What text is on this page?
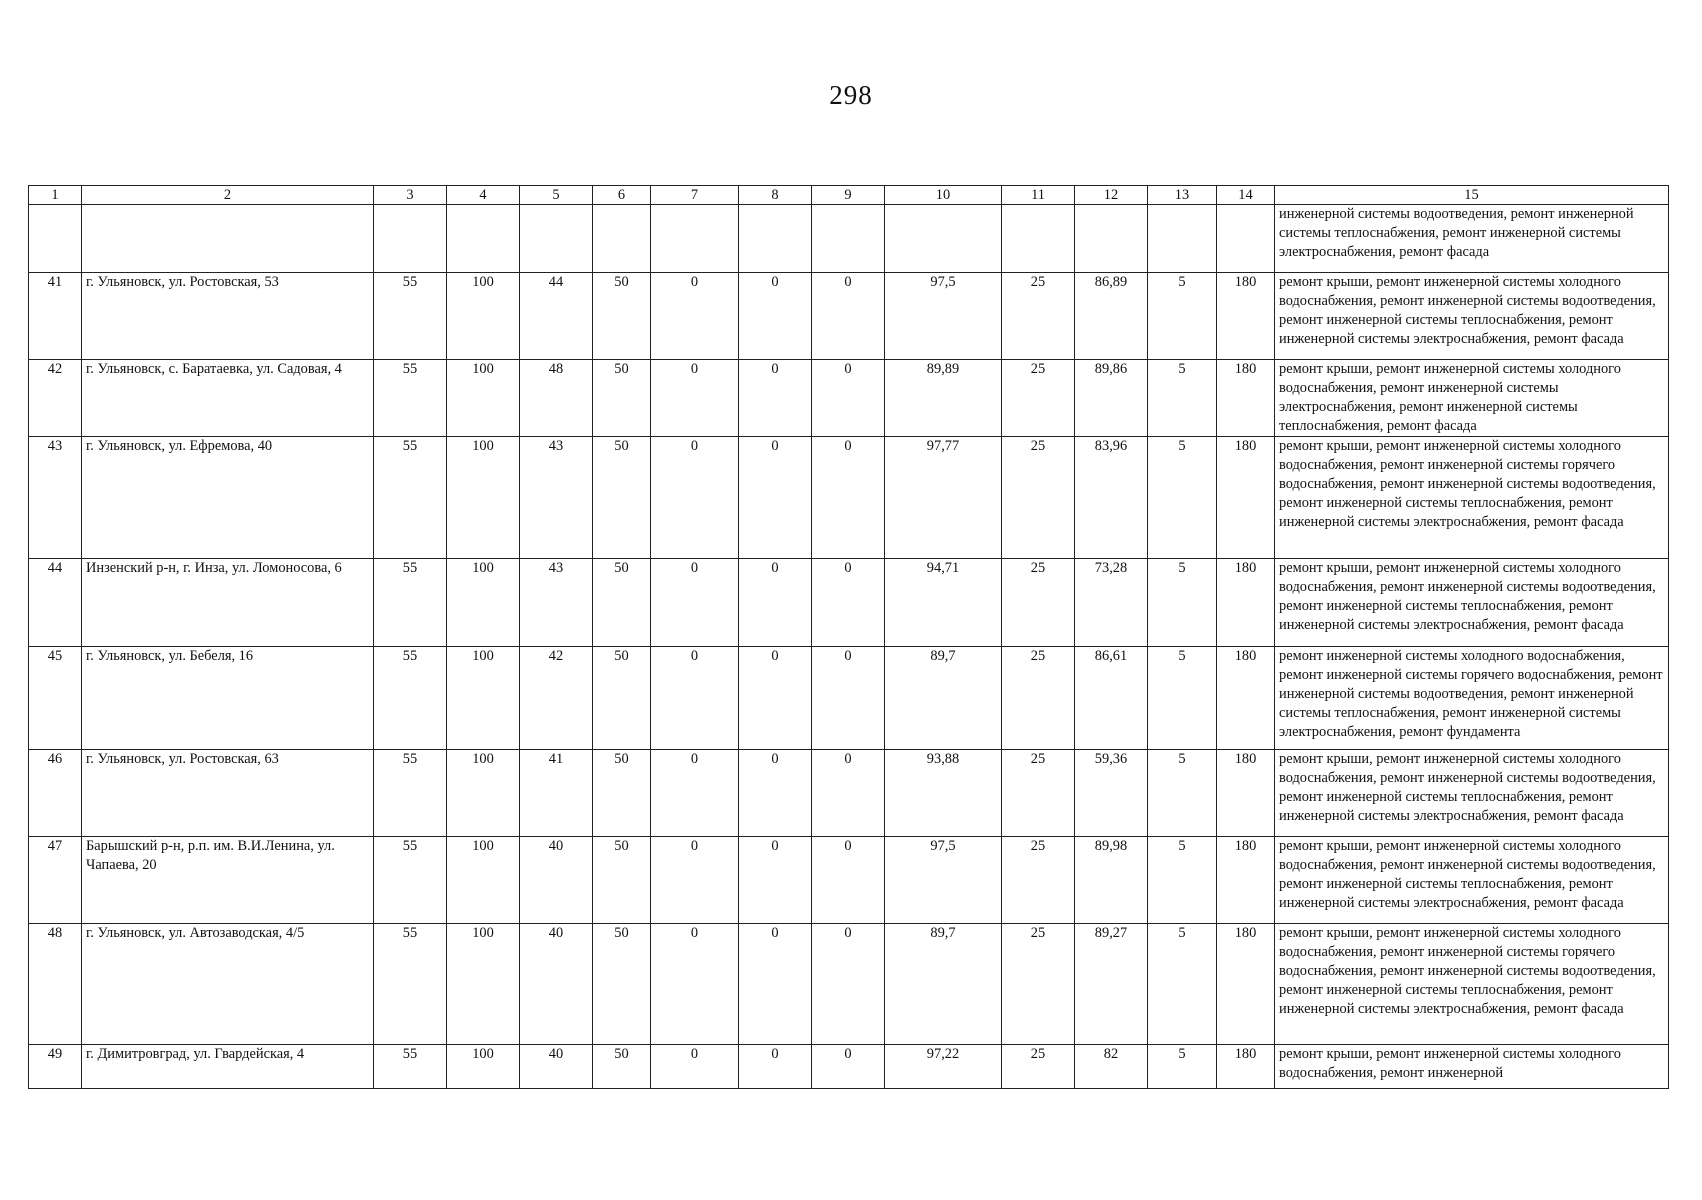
298
1	2	3	4	5	6	7	8	9	10	11	12	13	14	15
														инженерной системы водоотведения, ремонт инженерной системы теплоснабжения, ремонт инженерной системы электроснабжения, ремонт фасада
41	г. Ульяновск, ул. Ростовская, 53	55	100	44	50	0	0	0	97,5	25	86,89	5	180	ремонт крыши, ремонт инженерной системы холодного водоснабжения, ремонт инженерной системы водоотведения, ремонт инженерной системы теплоснабжения, ремонт инженерной системы электроснабжения, ремонт фасада
42	г. Ульяновск, с. Баратаевка, ул. Садовая, 4	55	100	48	50	0	0	0	89,89	25	89,86	5	180	ремонт крыши, ремонт инженерной системы холодного водоснабжения, ремонт инженерной системы электроснабжения, ремонт инженерной системы теплоснабжения, ремонт фасада
43	г. Ульяновск, ул. Ефремова, 40	55	100	43	50	0	0	0	97,77	25	83,96	5	180	ремонт крыши, ремонт инженерной системы холодного водоснабжения, ремонт инженерной системы горячего водоснабжения, ремонт инженерной системы водоотведения, ремонт инженерной системы теплоснабжения, ремонт инженерной системы электроснабжения, ремонт фасада
44	Инзенский р-н, г. Инза, ул. Ломоносова, 6	55	100	43	50	0	0	0	94,71	25	73,28	5	180	ремонт крыши, ремонт инженерной системы холодного водоснабжения, ремонт инженерной системы водоотведения, ремонт инженерной системы теплоснабжения, ремонт инженерной системы электроснабжения, ремонт фасада
45	г. Ульяновск, ул. Бебеля, 16	55	100	42	50	0	0	0	89,7	25	86,61	5	180	ремонт инженерной системы холодного водоснабжения, ремонт инженерной системы горячего водоснабжения, ремонт инженерной системы водоотведения, ремонт инженерной системы теплоснабжения, ремонт инженерной системы электроснабжения, ремонт фундамента
46	г. Ульяновск, ул. Ростовская, 63	55	100	41	50	0	0	0	93,88	25	59,36	5	180	ремонт крыши, ремонт инженерной системы холодного водоснабжения, ремонт инженерной системы водоотведения, ремонт инженерной системы теплоснабжения, ремонт инженерной системы электроснабжения, ремонт фасада
47	Барышский р-н, р.п. им. В.И.Ленина, ул. Чапаева, 20	55	100	40	50	0	0	0	97,5	25	89,98	5	180	ремонт крыши, ремонт инженерной системы холодного водоснабжения, ремонт инженерной системы водоотведения, ремонт инженерной системы теплоснабжения, ремонт инженерной системы электроснабжения, ремонт фасада
48	г. Ульяновск, ул. Автозаводская, 4/5	55	100	40	50	0	0	0	89,7	25	89,27	5	180	ремонт крыши, ремонт инженерной системы холодного водоснабжения, ремонт инженерной системы горячего водоснабжения, ремонт инженерной системы водоотведения, ремонт инженерной системы теплоснабжения, ремонт инженерной системы электроснабжения, ремонт фасада
49	г. Димитровград, ул. Гвардейская, 4	55	100	40	50	0	0	0	97,22	25	82	5	180	ремонт крыши, ремонт инженерной системы холодного водоснабжения, ремонт инженерной
